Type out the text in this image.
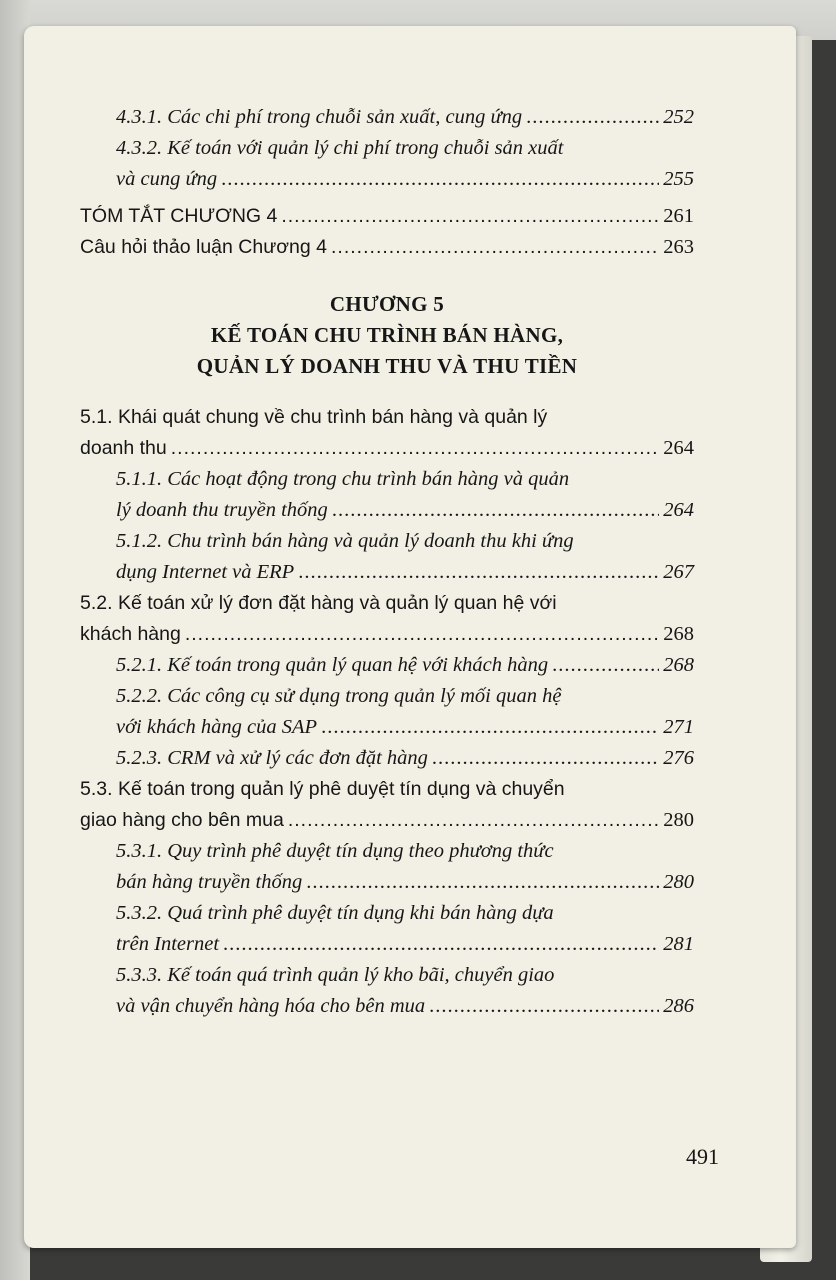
4.3.1. Các chi phí trong chuỗi sản xuất, cung ứng .....	252
4.3.2. Kế toán với quản lý chi phí trong chuỗi sản xuất
và cung ứng .....	255
TÓM TẮT CHƯƠNG 4 .....	261
Câu hỏi thảo luận Chương 4 .....	263
CHƯƠNG 5
KẾ TOÁN CHU TRÌNH BÁN HÀNG,
QUẢN LÝ DOANH THU VÀ THU TIỀN
5.1. Khái quát chung về chu trình bán hàng và quản lý
doanh thu .....	264
5.1.1. Các hoạt động trong chu trình bán hàng và quản
lý doanh thu truyền thống .....	264
5.1.2. Chu trình bán hàng và quản lý doanh thu khi ứng
dụng Internet và ERP .....	267
5.2. Kế toán xử lý đơn đặt hàng và quản lý quan hệ với
khách hàng .....	268
5.2.1. Kế toán trong quản lý quan hệ với khách hàng .....	268
5.2.2. Các công cụ sử dụng trong quản lý mối quan hệ
với khách hàng của SAP .....	271
5.2.3. CRM và xử lý các đơn đặt hàng .....	276
5.3. Kế toán trong quản lý phê duyệt tín dụng và chuyển
giao hàng cho bên mua .....	280
5.3.1. Quy trình phê duyệt tín dụng theo phương thức
bán hàng truyền thống .....	280
5.3.2. Quá trình phê duyệt tín dụng khi bán hàng dựa
trên Internet .....	281
5.3.3. Kế toán quá trình quản lý kho bãi, chuyển giao
và vận chuyển hàng hóa cho bên mua .....	286
491
